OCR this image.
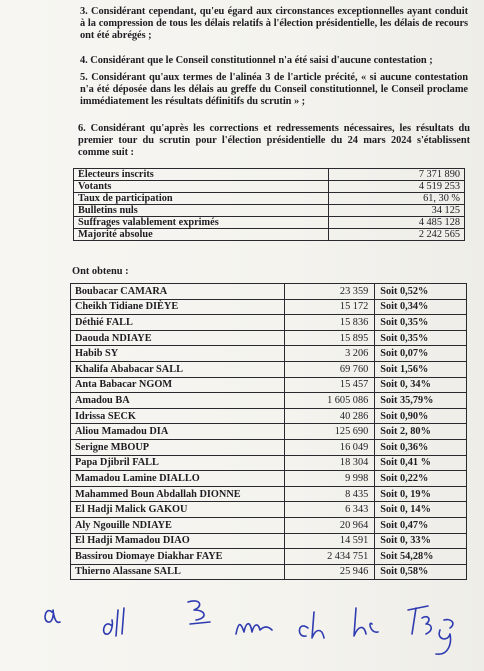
3. Considérant cependant, qu'eu égard aux circonstances exceptionnelles ayant conduit à la compression de tous les délais relatifs à l'élection présidentielle, les délais de recours ont été abrégés ;
4. Considérant que le Conseil constitutionnel n'a été saisi d'aucune contestation ;
5. Considérant qu'aux termes de l'alinéa 3 de l'article précité, « si aucune contestation n'a été déposée dans les délais au greffe du Conseil constitutionnel, le Conseil proclame immédiatement les résultats définitifs du scrutin » ;
6. Considérant qu'après les corrections et redressements nécessaires, les résultats du premier tour du scrutin pour l'élection présidentielle du 24 mars 2024 s'établissent comme suit :
Électeurs inscrits	7 371 890
Votants	4 519 253
Taux de participation	61, 30 %
Bulletins nuls	34 125
Suffrages valablement exprimés	4 485 128
Majorité absolue	2 242 565
Ont obtenu :
Boubacar CAMARA	23 359	Soit 0,52%
Cheikh Tidiane DIÈYE	15 172	Soit 0,34%
Déthié FALL	15 836	Soit 0,35%
Daouda NDIAYE	15 895	Soit 0,35%
Habib SY	3 206	Soit 0,07%
Khalifa Ababacar SALL	69 760	Soit 1,56%
Anta Babacar NGOM	15 457	Soit 0, 34%
Amadou BA	1 605 086	Soit 35,79%
Idrissa SECK	40 286	Soit 0,90%
Aliou Mamadou DIA	125 690	Soit 2, 80%
Serigne MBOUP	16 049	Soit 0,36%
Papa Djibril FALL	18 304	Soit 0,41 %
Mamadou Lamine DIALLO	9 998	Soit 0,22%
Mahammed Boun Abdallah DIONNE	8 435	Soit 0, 19%
El Hadji Malick GAKOU	6 343	Soit 0, 14%
Aly Ngouille NDIAYE	20 964	Soit 0,47%
El Hadji Mamadou DIAO	14 591	Soit 0, 33%
Bassirou Diomaye Diakhar FAYE	2 434 751	Soit 54,28%
Thierno Alassane SALL	25 946	Soit 0,58%
